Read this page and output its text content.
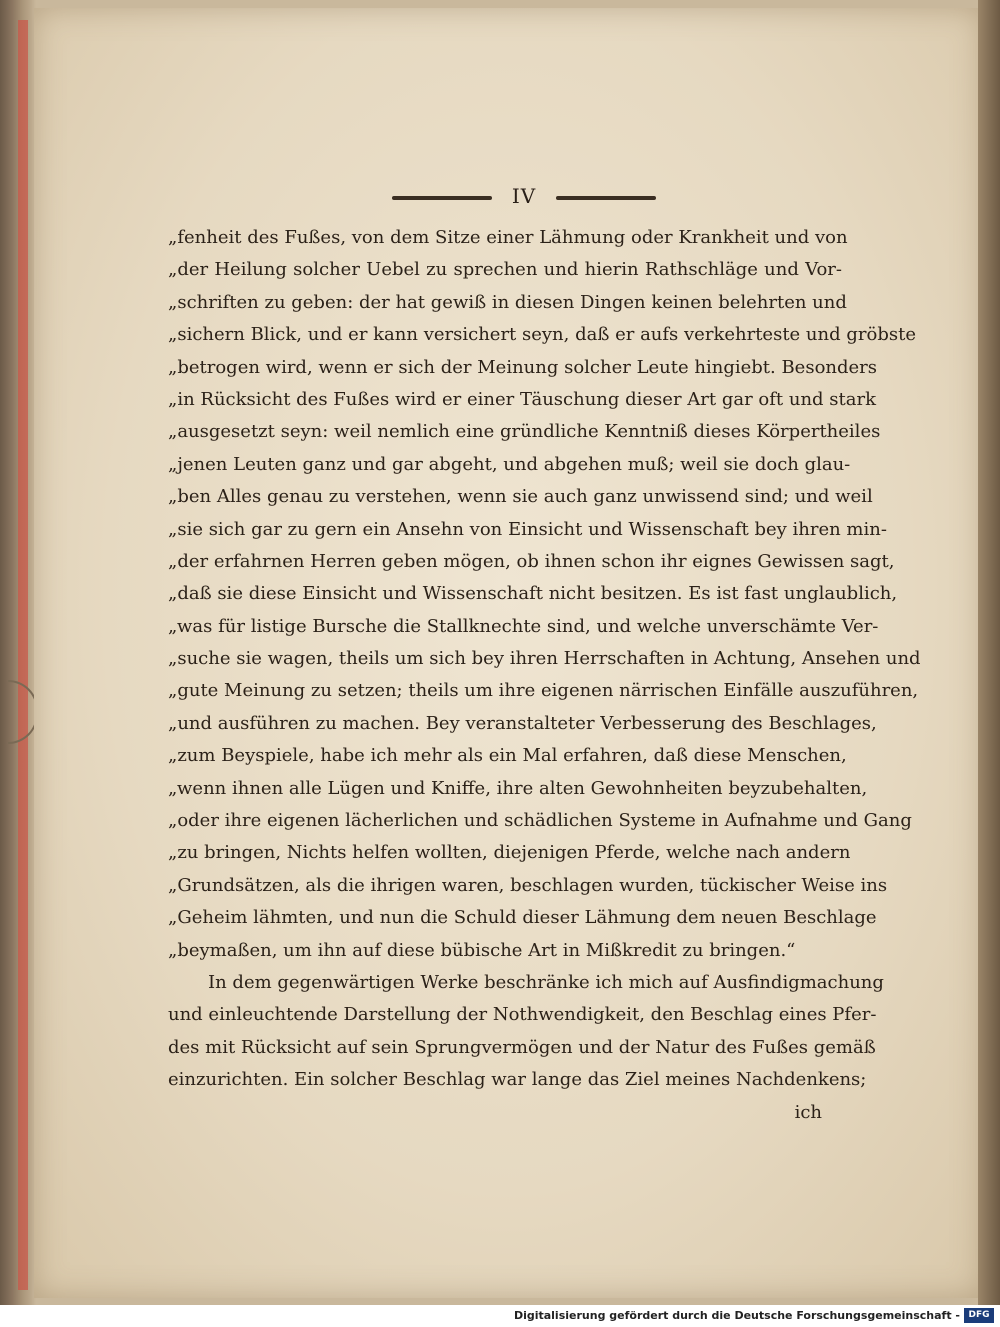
IV
„fenheit des Fußes, von dem Sitze einer Lähmung oder Krankheit und von
„der Heilung solcher Uebel zu sprechen und hierin Rathschläge und Vor-
„schriften zu geben: der hat gewiß in diesen Dingen keinen belehrten und
„sichern Blick, und er kann versichert seyn, daß er aufs verkehrteste und gröbste
„betrogen wird, wenn er sich der Meinung solcher Leute hingiebt. Besonders
„in Rücksicht des Fußes wird er einer Täuschung dieser Art gar oft und stark
„ausgesetzt seyn: weil nemlich eine gründliche Kenntniß dieses Körpertheiles
„jenen Leuten ganz und gar abgeht, und abgehen muß; weil sie doch glau-
„ben Alles genau zu verstehen, wenn sie auch ganz unwissend sind; und weil
„sie sich gar zu gern ein Ansehn von Einsicht und Wissenschaft bey ihren min-
„der erfahrnen Herren geben mögen, ob ihnen schon ihr eignes Gewissen sagt,
„daß sie diese Einsicht und Wissenschaft nicht besitzen. Es ist fast unglaublich,
„was für listige Bursche die Stallknechte sind, und welche unverschämte Ver-
„suche sie wagen, theils um sich bey ihren Herrschaften in Achtung, Ansehen und
„gute Meinung zu setzen; theils um ihre eigenen närrischen Einfälle auszuführen,
„und ausführen zu machen. Bey veranstalteter Verbesserung des Beschlages,
„zum Beyspiele, habe ich mehr als ein Mal erfahren, daß diese Menschen,
„wenn ihnen alle Lügen und Kniffe, ihre alten Gewohnheiten beyzubehalten,
„oder ihre eigenen lächerlichen und schädlichen Systeme in Aufnahme und Gang
„zu bringen, Nichts helfen wollten, diejenigen Pferde, welche nach andern
„Grundsätzen, als die ihrigen waren, beschlagen wurden, tückischer Weise ins
„Geheim lähmten, und nun die Schuld dieser Lähmung dem neuen Beschlage
„beymaßen, um ihn auf diese bübische Art in Mißkredit zu bringen.“
In dem gegenwärtigen Werke beschränke ich mich auf Ausfindigmachung
und einleuchtende Darstellung der Nothwendigkeit, den Beschlag eines Pfer-
des mit Rücksicht auf sein Sprungvermögen und der Natur des Fußes gemäß
einzurichten. Ein solcher Beschlag war lange das Ziel meines Nachdenkens;
ich
Digitalisierung gefördert durch die Deutsche Forschungsgemeinschaft - DFG
